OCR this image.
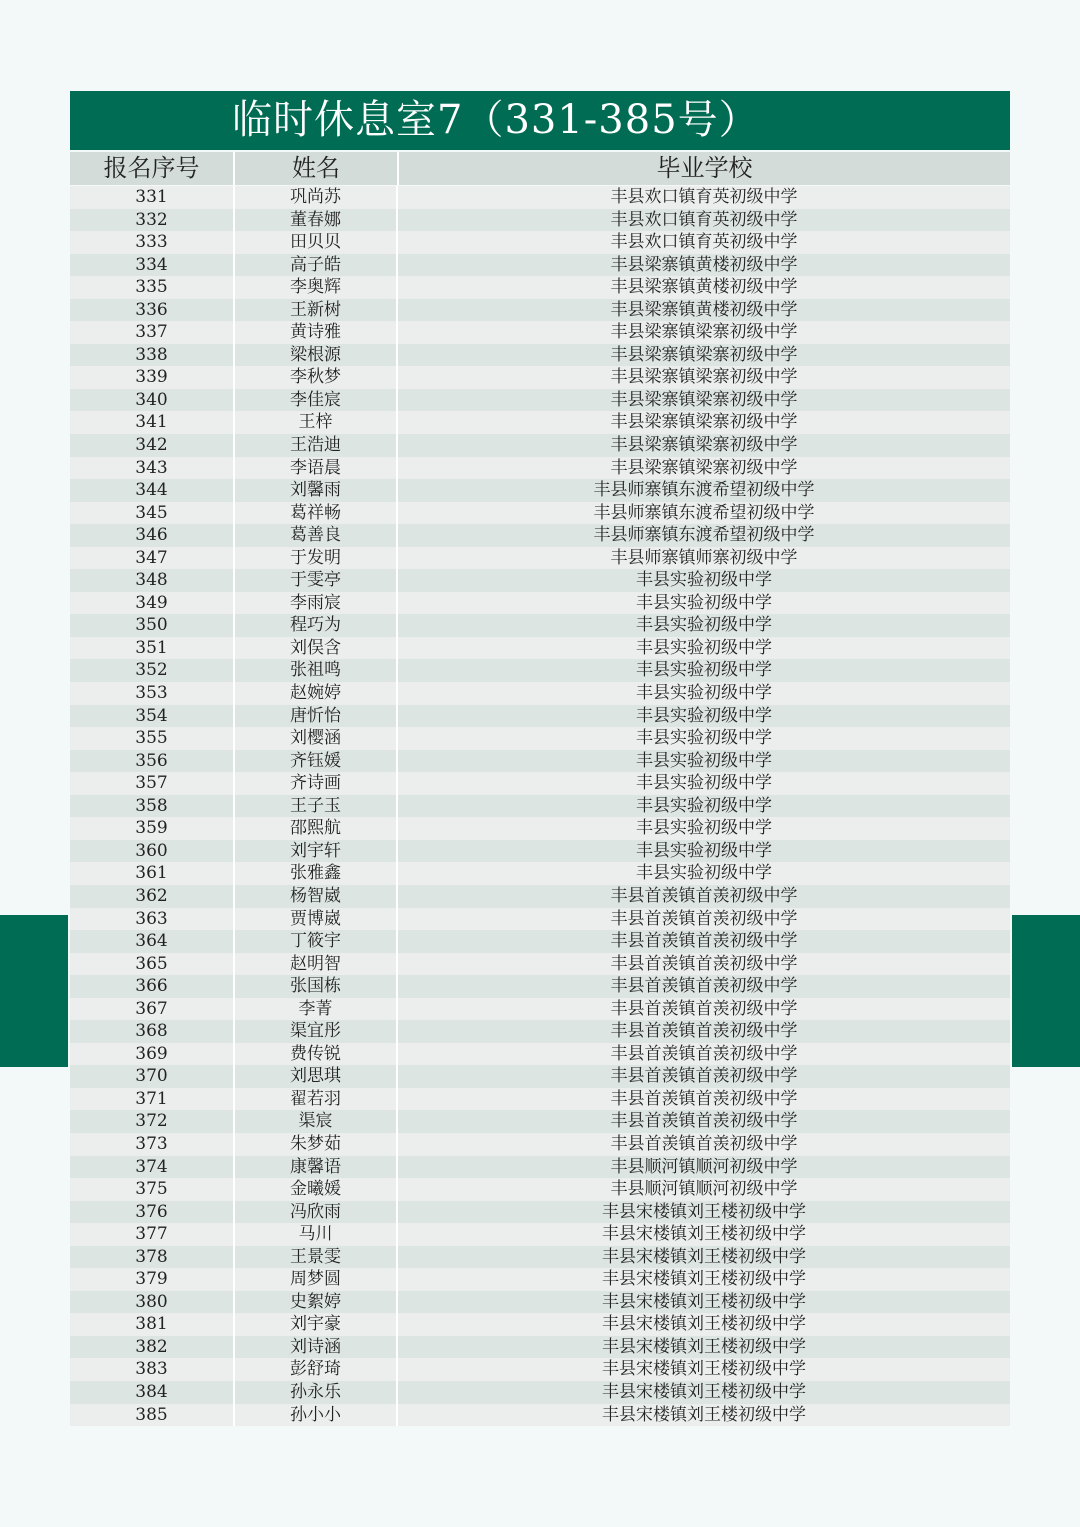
临时休息室7（331-385号）
报名序号	姓名	毕业学校
331	巩尚苏	丰县欢口镇育英初级中学
332	董春娜	丰县欢口镇育英初级中学
333	田贝贝	丰县欢口镇育英初级中学
334	高子皓	丰县梁寨镇黄楼初级中学
335	李奥辉	丰县梁寨镇黄楼初级中学
336	王新树	丰县梁寨镇黄楼初级中学
337	黄诗雅	丰县梁寨镇梁寨初级中学
338	梁根源	丰县梁寨镇梁寨初级中学
339	李秋梦	丰县梁寨镇梁寨初级中学
340	李佳宸	丰县梁寨镇梁寨初级中学
341	王梓	丰县梁寨镇梁寨初级中学
342	王浩迪	丰县梁寨镇梁寨初级中学
343	李语晨	丰县梁寨镇梁寨初级中学
344	刘馨雨	丰县师寨镇东渡希望初级中学
345	葛祥畅	丰县师寨镇东渡希望初级中学
346	葛善良	丰县师寨镇东渡希望初级中学
347	于发明	丰县师寨镇师寨初级中学
348	于雯亭	丰县实验初级中学
349	李雨宸	丰县实验初级中学
350	程巧为	丰县实验初级中学
351	刘俣含	丰县实验初级中学
352	张祖鸣	丰县实验初级中学
353	赵婉婷	丰县实验初级中学
354	唐忻怡	丰县实验初级中学
355	刘樱涵	丰县实验初级中学
356	齐钰媛	丰县实验初级中学
357	齐诗画	丰县实验初级中学
358	王子玉	丰县实验初级中学
359	邵熙航	丰县实验初级中学
360	刘宇轩	丰县实验初级中学
361	张雅鑫	丰县实验初级中学
362	杨智崴	丰县首羡镇首羡初级中学
363	贾博崴	丰县首羡镇首羡初级中学
364	丁筱宇	丰县首羡镇首羡初级中学
365	赵明智	丰县首羡镇首羡初级中学
366	张国栋	丰县首羡镇首羡初级中学
367	李菁	丰县首羡镇首羡初级中学
368	渠宜彤	丰县首羡镇首羡初级中学
369	费传锐	丰县首羡镇首羡初级中学
370	刘思琪	丰县首羡镇首羡初级中学
371	翟若羽	丰县首羡镇首羡初级中学
372	渠宸	丰县首羡镇首羡初级中学
373	朱梦茹	丰县首羡镇首羡初级中学
374	康馨语	丰县顺河镇顺河初级中学
375	金曦媛	丰县顺河镇顺河初级中学
376	冯欣雨	丰县宋楼镇刘王楼初级中学
377	马川	丰县宋楼镇刘王楼初级中学
378	王景雯	丰县宋楼镇刘王楼初级中学
379	周梦圆	丰县宋楼镇刘王楼初级中学
380	史絮婷	丰县宋楼镇刘王楼初级中学
381	刘宇豪	丰县宋楼镇刘王楼初级中学
382	刘诗涵	丰县宋楼镇刘王楼初级中学
383	彭舒琦	丰县宋楼镇刘王楼初级中学
384	孙永乐	丰县宋楼镇刘王楼初级中学
385	孙小小	丰县宋楼镇刘王楼初级中学
